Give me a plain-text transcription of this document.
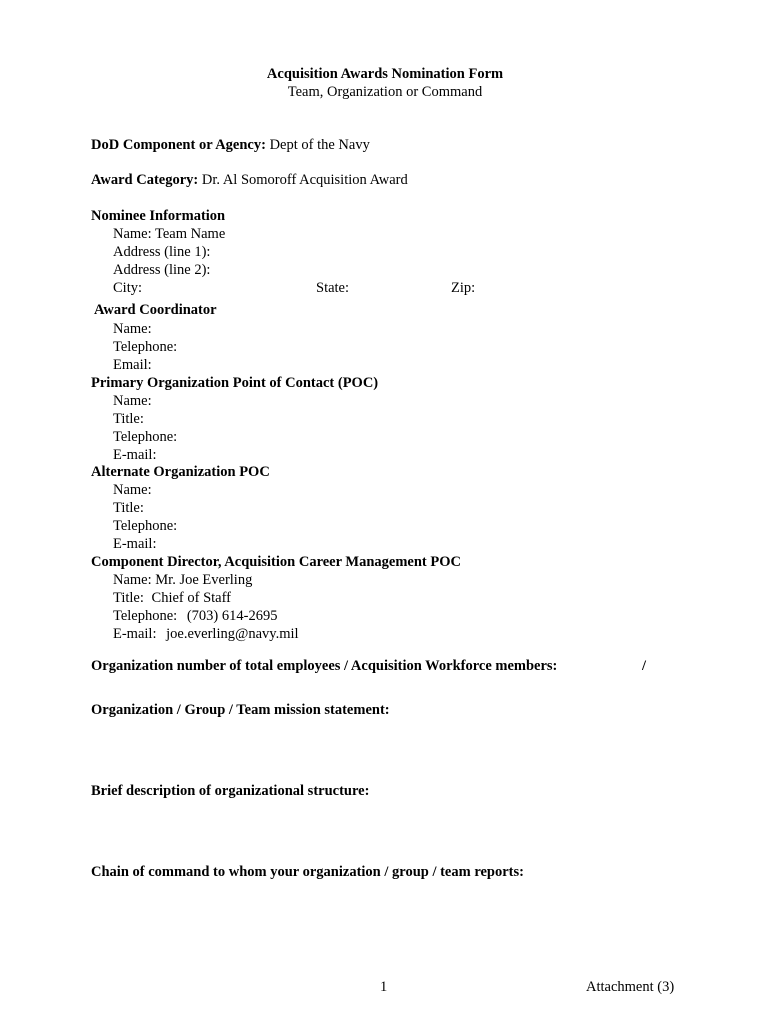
Acquisition Awards Nomination Form
Team, Organization or Command
DoD Component or Agency: Dept of the Navy
Award Category: Dr. Al Somoroff Acquisition Award
Nominee Information
Name: Team Name
Address (line 1):
Address (line 2):
City:	State:	Zip:
Award Coordinator
Name:
Telephone:
Email:
Primary Organization Point of Contact (POC)
Name:
Title:
Telephone:
E-mail:
Alternate Organization POC
Name:
Title:
Telephone:
E-mail:
Component Director, Acquisition Career Management POC
Name: Mr. Joe Everling
Title: Chief of Staff
Telephone: (703) 614-2695
E-mail: joe.everling@navy.mil
Organization number of total employees / Acquisition Workforce members:	/
Organization / Group / Team mission statement:
Brief description of organizational structure:
Chain of command to whom your organization / group / team reports:
1	Attachment (3)
